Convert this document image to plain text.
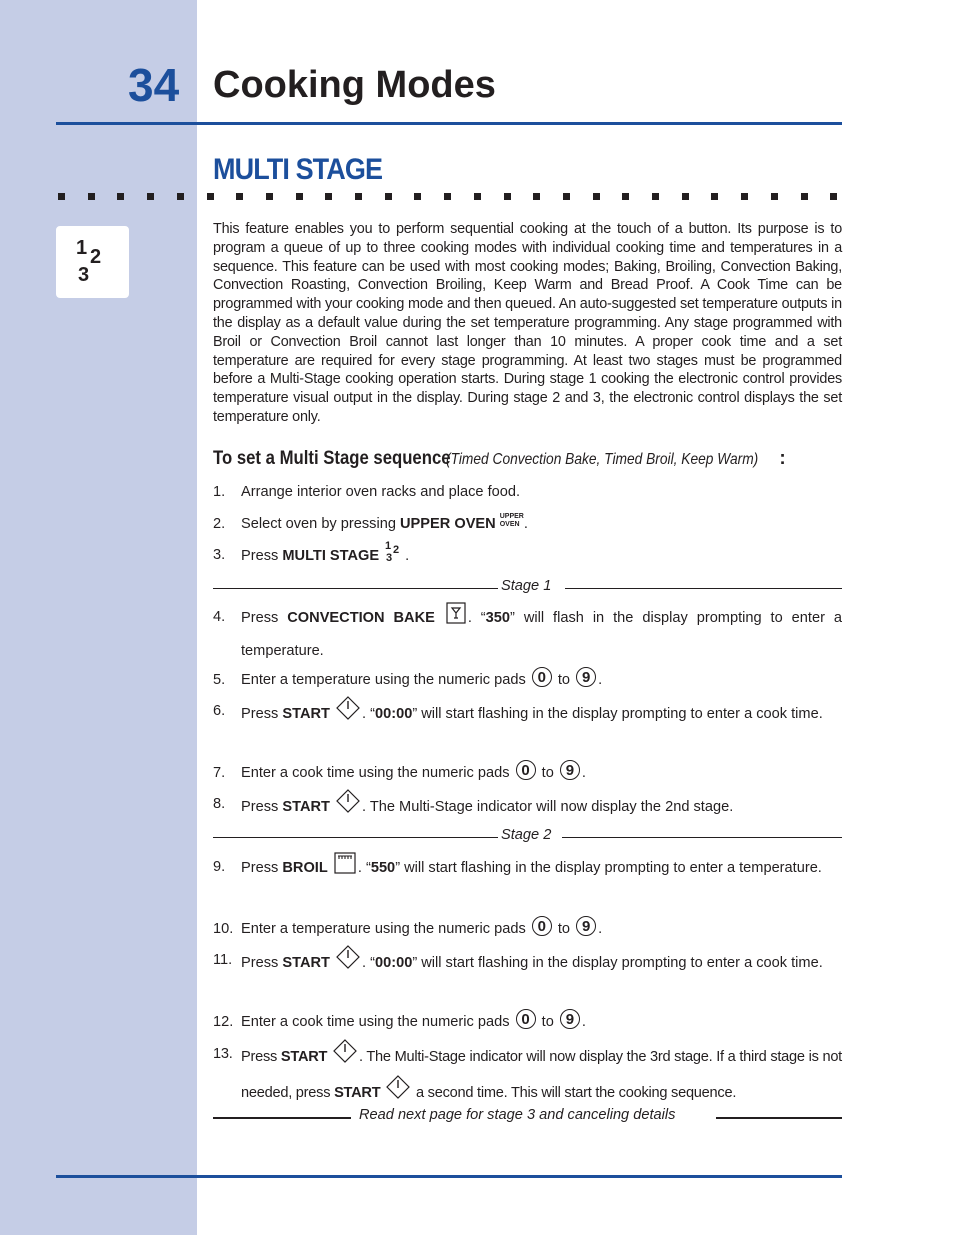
34 Cooking Modes
MULTI STAGE
1 2
3
This feature enables you to perform sequential cooking at the touch of a button. Its purpose is to program a queue of up to three cooking modes with individual cooking time and temperatures in a sequence. This feature can be used with most cooking modes; Baking, Broiling, Convection Baking, Convection Roasting, Convection Broiling, Keep Warm and Bread Proof. A Cook Time can be programmed with your cooking mode and then queued. An auto-suggested set temperature outputs in the display as a default value during the set temperature programming. Any stage programmed with Broil or Convection Broil cannot last longer than 10 minutes. A proper cook time and a set temperature are required for every stage programming. At least two stages must be programmed before a Multi-Stage cooking operation starts. During stage 1 cooking the electronic control provides temperature visual output in the display. During stage 2 and 3, the electronic control displays the set temperature only.
To set a Multi Stage sequence (Timed Convection Bake, Timed Broil, Keep Warm) :
1. Arrange interior oven racks and place food.
2. Select oven by pressing UPPER OVEN UPPER
OVEN .
3. Press MULTI STAGE
1 2
3 .
Stage 1
4. Press CONVECTION BAKE . “350” will flash in the display prompting to enter a temperature.
5. Enter a temperature using the numeric pads 0 to 9 .
6. Press START . “00:00” will start flashing in the display prompting to enter a cook time.
7. Enter a cook time using the numeric pads 0 to 9 .
8. Press START . The Multi-Stage indicator will now display the 2nd stage.
Stage 2
9. Press BROIL . “550” will start flashing in the display prompting to enter a temperature.
10. Enter a temperature using the numeric pads 0 to 9 .
11. Press START . “00:00” will start flashing in the display prompting to enter a cook time.
12. Enter a cook time using the numeric pads 0 to 9 .
13. Press START . The Multi-Stage indicator will now display the 3rd stage. If a third stage is not needed, press START a second time. This will start the cooking sequence.
Read next page for stage 3 and canceling details
